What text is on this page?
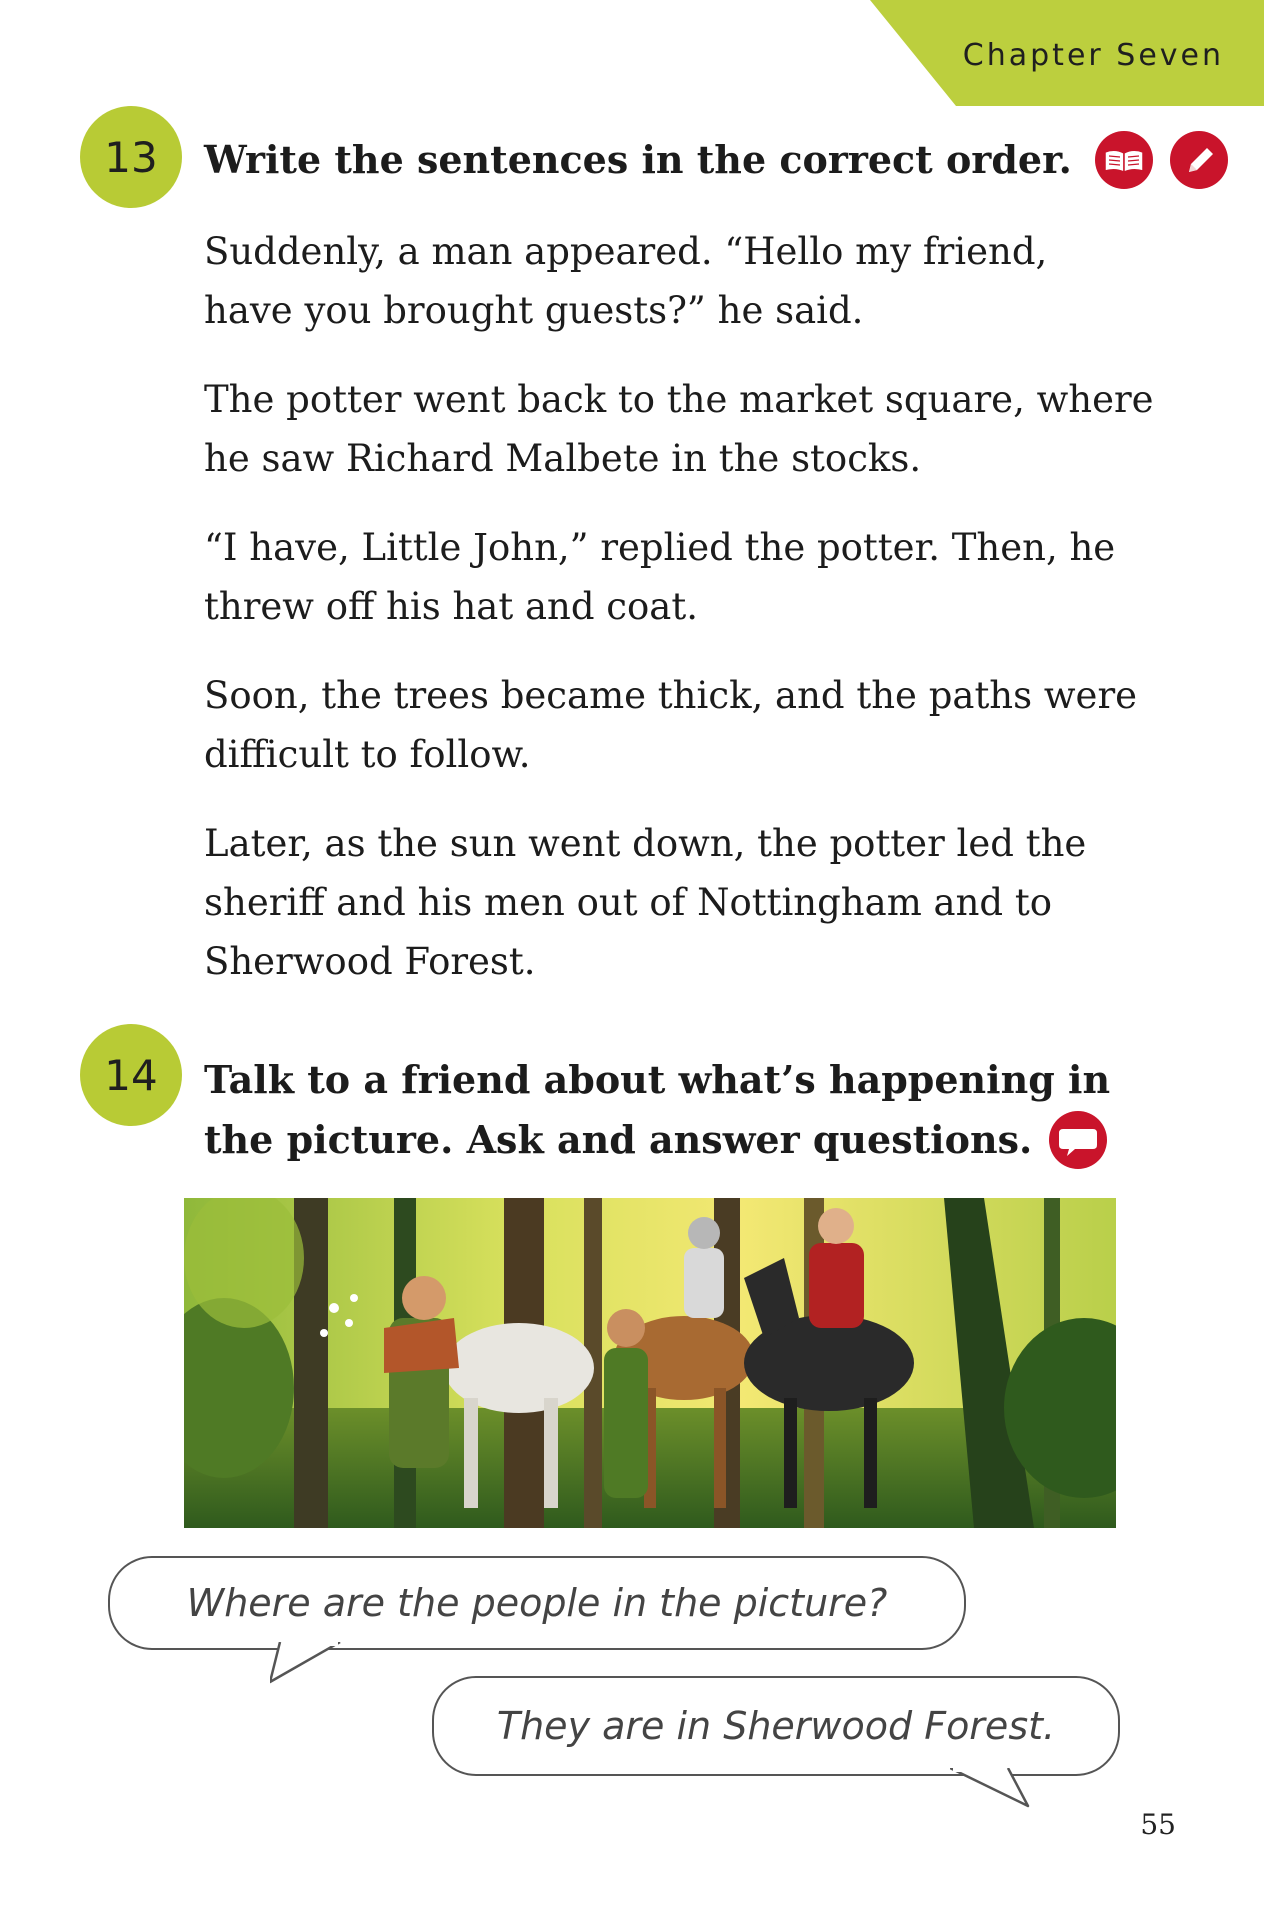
Chapter Seven
13	Write the sentences in the correct order.

Suddenly, a man appeared. “Hello my friend,
have you brought guests?” he said.

The potter went back to the market square, where
he saw Richard Malbete in the stocks.

“I have, Little John,” replied the potter. Then, he
threw off his hat and coat.

Soon, the trees became thick, and the paths were
difficult to follow.

Later, as the sun went down, the potter led the
sheriff and his men out of Nottingham and to
Sherwood Forest.

14	Talk to a friend about what’s happening in
the picture. Ask and answer questions.
Where are the people in the picture?
They are in Sherwood Forest.
55
